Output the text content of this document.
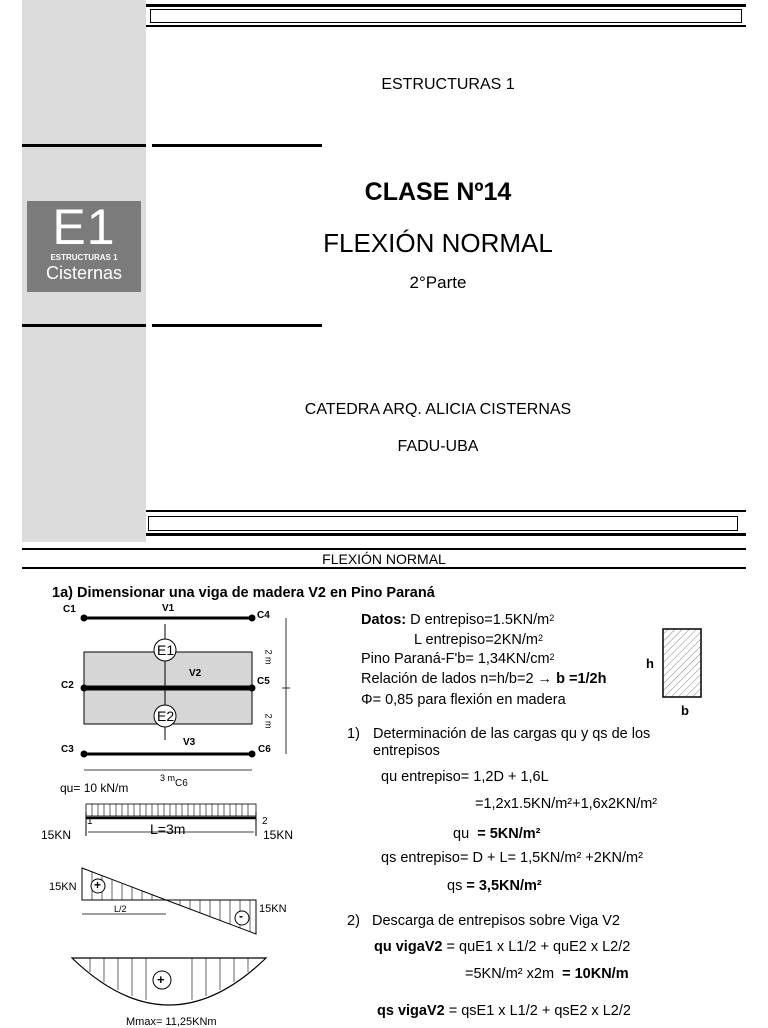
ESTRUCTURAS 1
E1
ESTRUCTURAS 1
Cisternas
CLASE Nº14
FLEXIÓN NORMAL
2°Parte
CATEDRA ARQ. ALICIA CISTERNAS
FADU-UBA
FLEXIÓN NORMAL
1a) Dimensionar una viga de madera V2 en Pino Paraná
C1	V1
C4
E1
V2
C2	C5
E2
V3
C3	C6
2 m
2 m
3 m C6
qu= 10 kN/m
1	2
L=3m
15KN	15KN
15KN +
- 15KN
L/2
+
Mmax= 11,25KNm
Datos: D $entrepiso=1.5KN/m^2$
L $entrepiso=2KN/m^2$
Pino Paraná-F'b= $1,34KN/cm^2$
Relación de lados n=h/b=2 → b =1/2h
Φ= 0,85 para flexión en madera
h
b
1) Determinación de las cargas qu y qs de los entrepisos
qu entrepiso= 1,2D + 1,6L
=1,2x1.5KN/m²+1,6x2KN/m²
qu = 5KN/m²
qs entrepiso= D + L= 1,5KN/m² +2KN/m²
qs = 3,5KN/m²
2) Descarga de entrepisos sobre Viga V2
qu vigaV2 = quE1 x L1/2 + quE2 x L2/2
=5KN/m² x2m = 10KN/m
qs vigaV2 = qsE1 x L1/2 + qsE2 x L2/2
